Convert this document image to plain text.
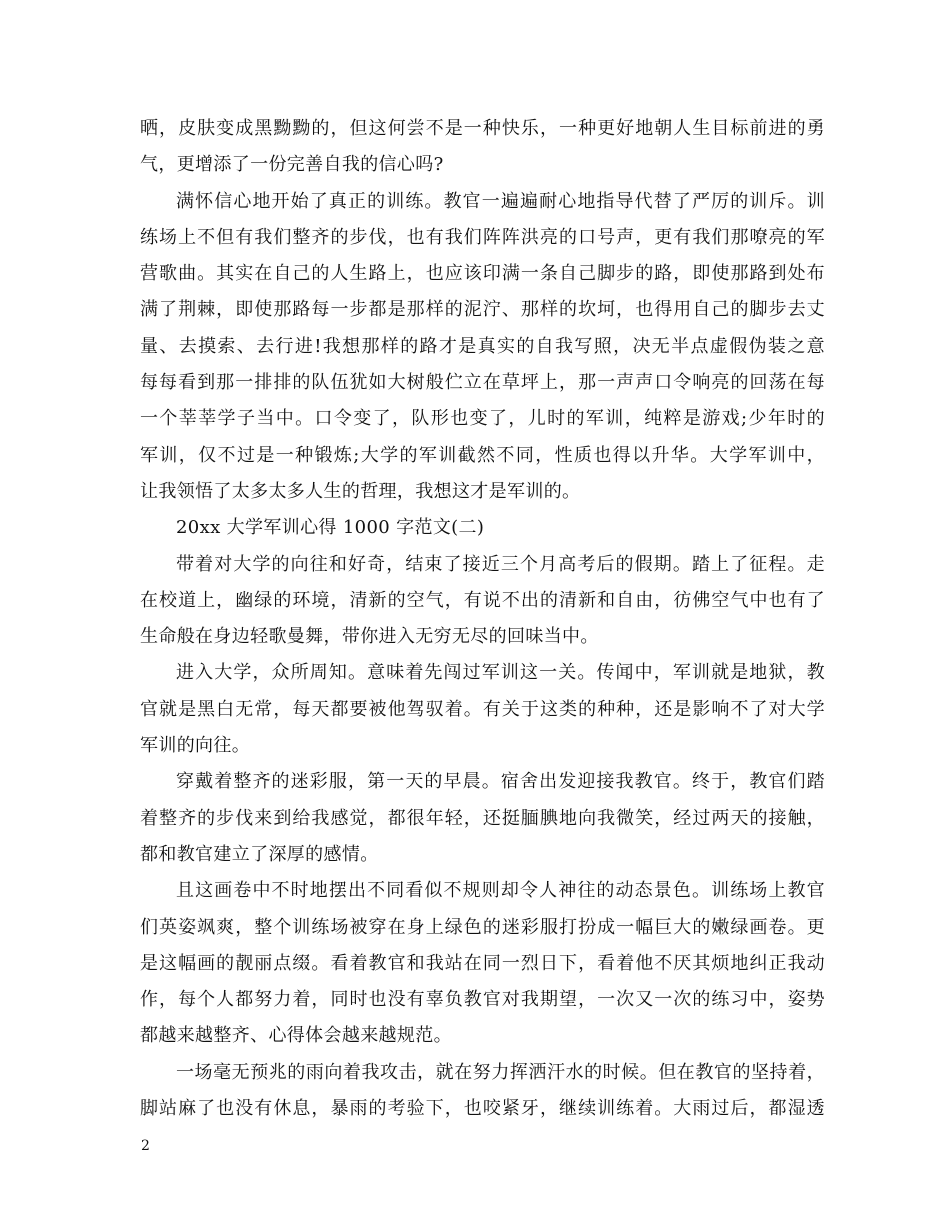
晒，皮肤变成黑黝黝的，但这何尝不是一种快乐，一种更好地朝人生目标前进的勇
气，更增添了一份完善自我的信心吗?
满怀信心地开始了真正的训练。教官一遍遍耐心地指导代替了严厉的训斥。训
练场上不但有我们整齐的步伐，也有我们阵阵洪亮的口号声，更有我们那嘹亮的军
营歌曲。其实在自己的人生路上，也应该印满一条自己脚步的路，即使那路到处布
满了荆棘，即使那路每一步都是那样的泥泞、那样的坎坷，也得用自己的脚步去丈
量、去摸索、去行进!我想那样的路才是真实的自我写照，决无半点虚假伪装之意
每每看到那一排排的队伍犹如大树般伫立在草坪上，那一声声口令响亮的回荡在每
一个莘莘学子当中。口令变了，队形也变了，儿时的军训，纯粹是游戏;少年时的
军训，仅不过是一种锻炼;大学的军训截然不同，性质也得以升华。大学军训中，
让我领悟了太多太多人生的哲理，我想这才是军训的。
20xx 大学军训心得 1000 字范文(二)
带着对大学的向往和好奇，结束了接近三个月高考后的假期。踏上了征程。走
在校道上，幽绿的环境，清新的空气，有说不出的清新和自由，彷佛空气中也有了
生命般在身边轻歌曼舞，带你进入无穷无尽的回味当中。
进入大学，众所周知。意味着先闯过军训这一关。传闻中，军训就是地狱，教
官就是黑白无常，每天都要被他驾驭着。有关于这类的种种，还是影响不了对大学
军训的向往。
穿戴着整齐的迷彩服，第一天的早晨。宿舍出发迎接我教官。终于，教官们踏
着整齐的步伐来到给我感觉，都很年轻，还挺腼腆地向我微笑，经过两天的接触，
都和教官建立了深厚的感情。
且这画卷中不时地摆出不同看似不规则却令人神往的动态景色。训练场上教官
们英姿飒爽，整个训练场被穿在身上绿色的迷彩服打扮成一幅巨大的嫩绿画卷。更
是这幅画的靓丽点缀。看着教官和我站在同一烈日下，看着他不厌其烦地纠正我动
作，每个人都努力着，同时也没有辜负教官对我期望，一次又一次的练习中，姿势
都越来越整齐、心得体会越来越规范。
一场毫无预兆的雨向着我攻击，就在努力挥洒汗水的时候。但在教官的坚持着，
脚站麻了也没有休息，暴雨的考验下，也咬紧牙，继续训练着。大雨过后，都湿透
2
